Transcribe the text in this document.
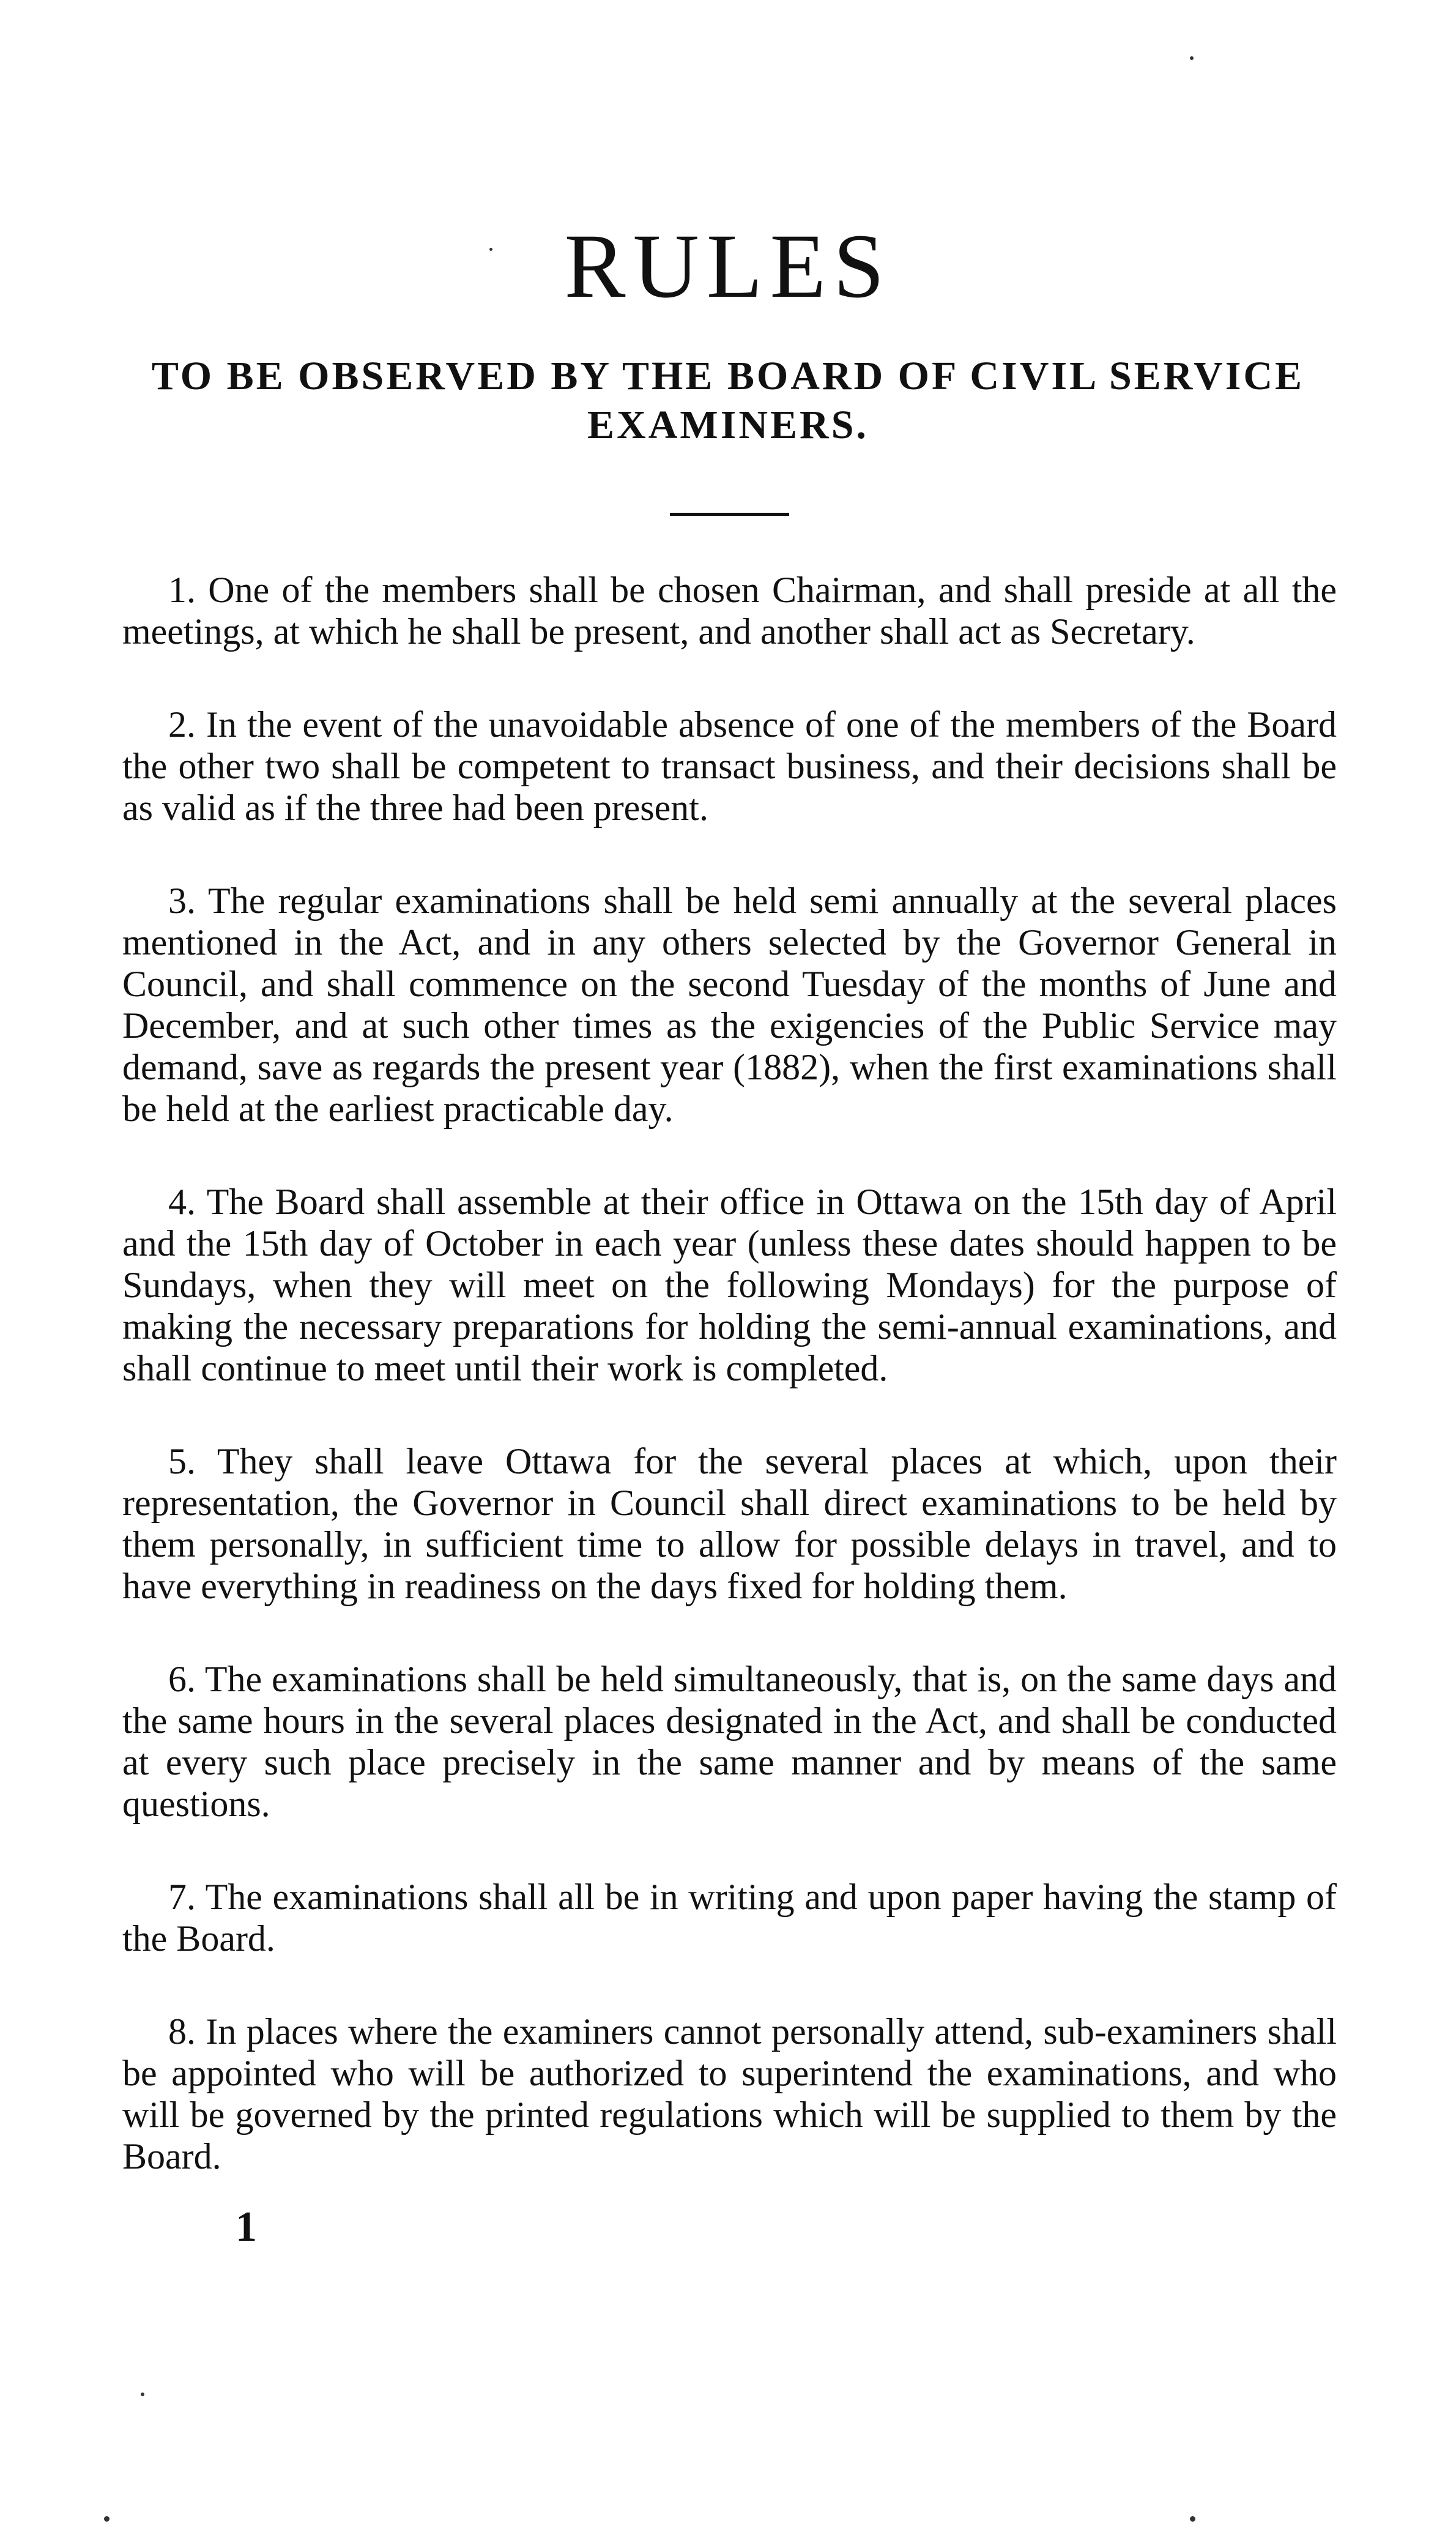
RULES
TO BE OBSERVED BY THE BOARD OF CIVIL SERVICE EXAMINERS.

1. One of the members shall be chosen Chairman, and shall preside at all the meetings, at which he shall be present, and another shall act as Secretary.

2. In the event of the unavoidable absence of one of the members of the Board the other two shall be competent to transact business, and their decisions shall be as valid as if the three had been present.

3. The regular examinations shall be held semi annually at the several places mentioned in the Act, and in any others selected by the Governor General in Council, and shall commence on the second Tuesday of the months of June and December, and at such other times as the exigencies of the Public Service may demand, save as regards the present year (1882), when the first examinations shall be held at the earliest practicable day.

4. The Board shall assemble at their office in Ottawa on the 15th day of April and the 15th day of October in each year (unless these dates should happen to be Sundays, when they will meet on the following Mondays) for the purpose of making the necessary preparations for holding the semi-annual examinations, and shall continue to meet until their work is completed.

5. They shall leave Ottawa for the several places at which, upon their representation, the Governor in Council shall direct examinations to be held by them personally, in sufficient time to allow for possible delays in travel, and to have everything in readiness on the days fixed for holding them.

6. The examinations shall be held simultaneously, that is, on the same days and the same hours in the several places designated in the Act, and shall be conducted at every such place precisely in the same manner and by means of the same questions.

7. The examinations shall all be in writing and upon paper having the stamp of the Board.

8. In places where the examiners cannot personally attend, sub-examiners shall be appointed who will be authorized to superintend the examinations, and who will be governed by the printed regulations which will be supplied to them by the Board.

1
